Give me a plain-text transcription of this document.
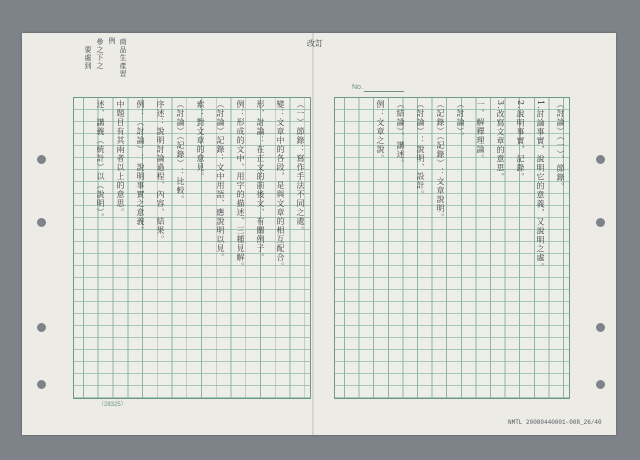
改訂
No.
例 商品生產習
參之下之
要處到
（一）節錄：寫作手法不同之處。
變：文章中的各段，是與文章的相互配合。
形、討論：在正文的前後文、有關例子。
例：形成的文中、用字的描述、三種見解。
（討論）記錄：文中用語、應說明以見。
索：對文章的意見。
（討論）（記錄）：比較。
序述：說明討論過程、內容、結果。
例：（討論）：說明事實之意義。
中題目有其兩者以上的意思。
述、講義（統計）以（說明）。	（討論）（一）、節錄。
1.討論事實，說明它的意義，又說明之處。
2.說明事實，記錄。
3.改寫文章的意思。
一、解釋理論。
（討論）。
（記錄）（記錄）：文章說明。
（討論）：說明、設計。
（結論）、講述。
例：文章之說。
（28325）
NMTL 20080440001-008_26/40
